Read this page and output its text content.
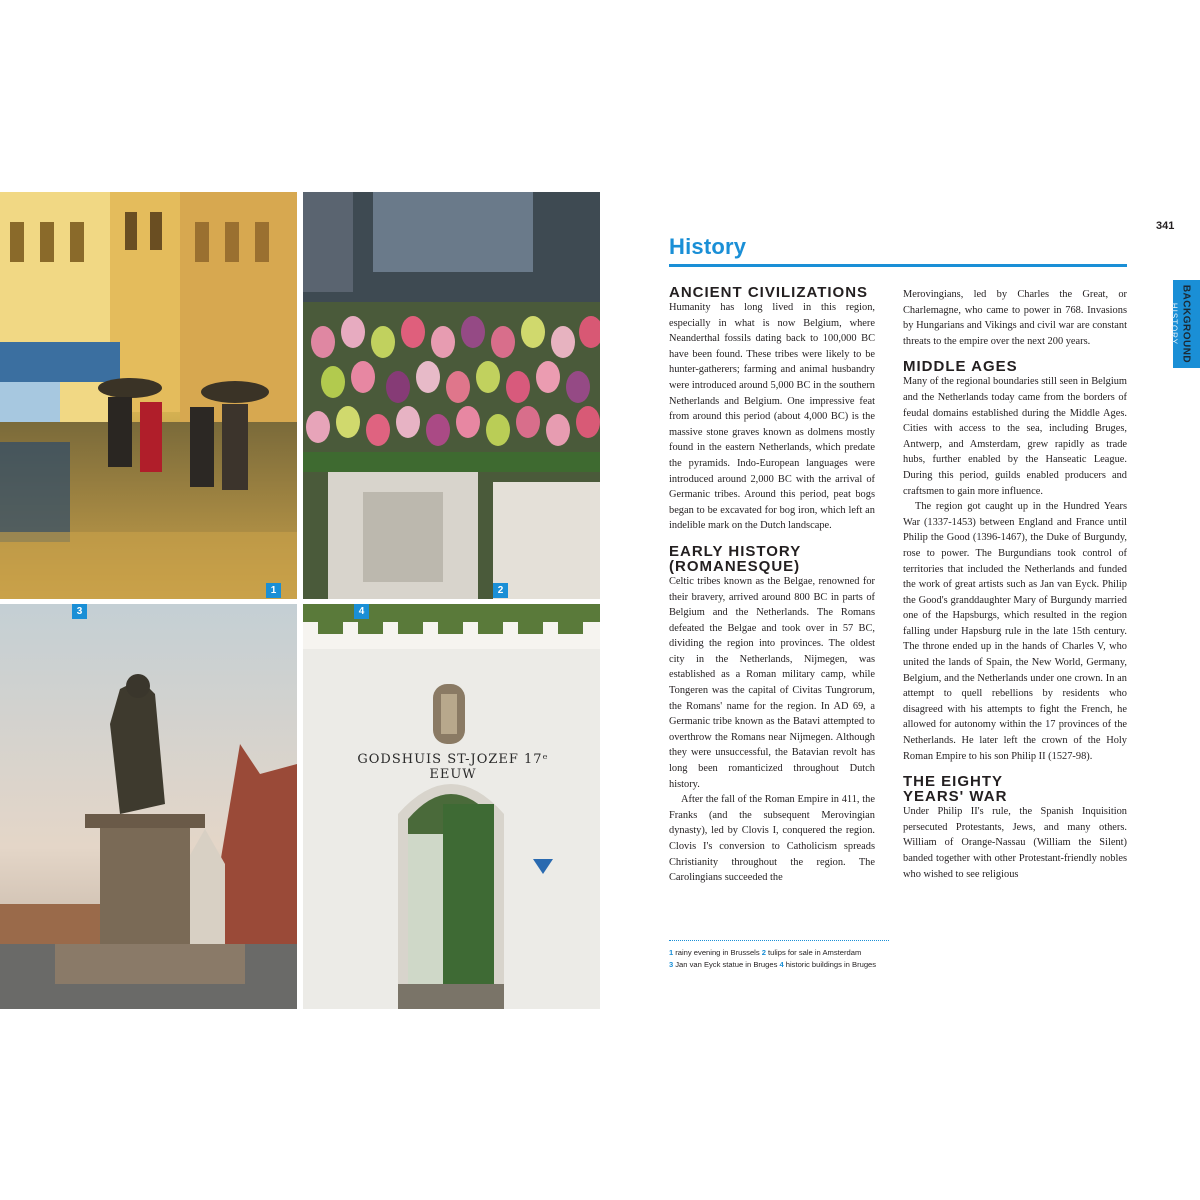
1	2
3
GODSHUIS ST-JOZEF 17ᵉ EEUW
4
341
BACKGROUND
HISTORY
History
ANCIENT CIVILIZATIONS

Humanity has long lived in this region, especially in what is now Belgium, where Neanderthal fossils dating back to 100,000 BC have been found. These tribes were likely to be hunter-gatherers; farming and animal husbandry were introduced around 5,000 BC in the southern Netherlands and Belgium. One impressive feat from around this period (about 4,000 BC) is the massive stone graves known as dolmens mostly found in the eastern Netherlands, which predate the pyramids. Indo-European languages were introduced around 2,000 BC with the arrival of Germanic tribes. Around this period, peat bogs began to be excavated for bog iron, which left an indelible mark on the Dutch landscape.

EARLY HISTORY (ROMANESQUE)

Celtic tribes known as the Belgae, renowned for their bravery, arrived around 800 BC in parts of Belgium and the Netherlands. The Romans defeated the Belgae and took over in 57 BC, dividing the region into provinces. The oldest city in the Netherlands, Nijmegen, was established as a Roman military camp, while Tongeren was the capital of Civitas Tungrorum, the Romans' name for the region. In AD 69, a Germanic tribe known as the Batavi attempted to overthrow the Romans near Nijmegen. Although they were unsuccessful, the Batavian revolt has long been romanticized throughout Dutch history.

After the fall of the Roman Empire in 411, the Franks (and the subsequent Merovingian dynasty), led by Clovis I, conquered the region. Clovis I's conversion to Catholicism spreads Christianity throughout the region. The Carolingians succeeded the

Merovingians, led by Charles the Great, or Charlemagne, who came to power in 768. Invasions by Hungarians and Vikings and civil war are constant threats to the empire over the next 200 years.

MIDDLE AGES

Many of the regional boundaries still seen in Belgium and the Netherlands today came from the borders of feudal domains established during the Middle Ages. Cities with access to the sea, including Bruges, Antwerp, and Amsterdam, grew rapidly as trade hubs, further enabled by the Hanseatic League. During this period, guilds enabled producers and craftsmen to gain more influence.

The region got caught up in the Hundred Years War (1337-1453) between England and France until Philip the Good (1396-1467), the Duke of Burgundy, rose to power. The Burgundians took control of territories that included the Netherlands and funded the work of great artists such as Jan van Eyck. Philip the Good's granddaughter Mary of Burgundy married one of the Hapsburgs, which resulted in the region falling under Hapsburg rule in the late 15th century. The throne ended up in the hands of Charles V, who united the lands of Spain, the New World, Germany, Belgium, and the Netherlands under one crown. In an attempt to quell rebellions by residents who disagreed with his attempts to fight the French, he allowed for autonomy within the 17 provinces of the Netherlands. He later left the crown of the Holy Roman Empire to his son Philip II (1527-98).

THE EIGHTY YEARS' WAR

Under Philip II's rule, the Spanish Inquisition persecuted Protestants, Jews, and many others. William of Orange-Nassau (William the Silent) banded together with other Protestant-friendly nobles who wished to see religious

1 rainy evening in Brussels 2 tulips for sale in Amsterdam 3 Jan van Eyck statue in Bruges 4 historic buildings in Bruges
